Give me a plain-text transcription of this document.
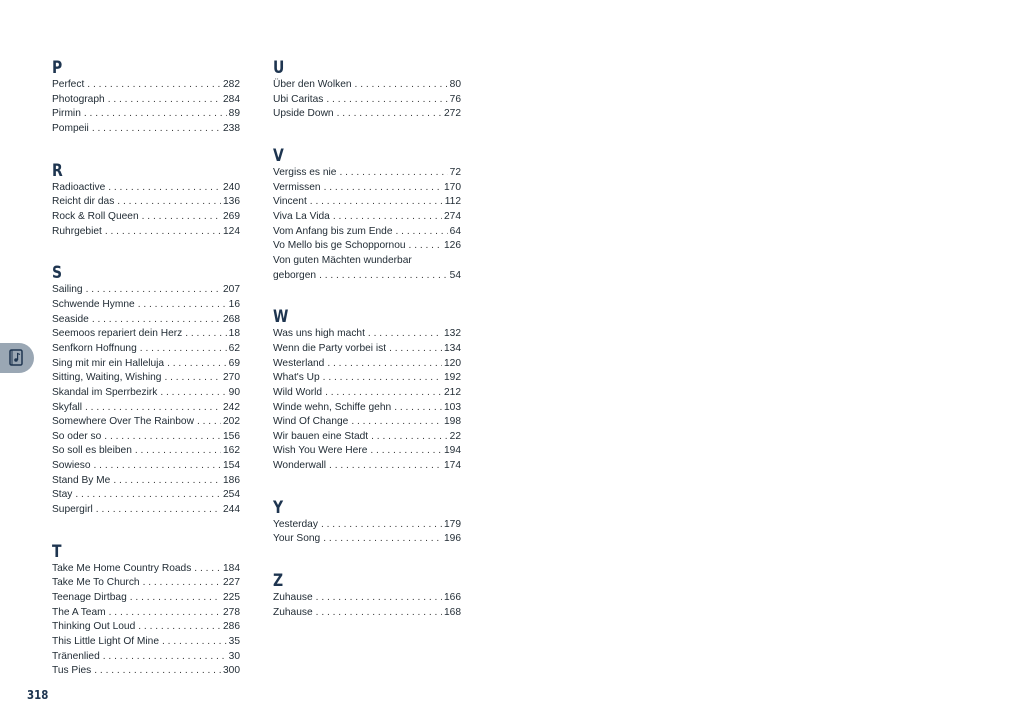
P
Perfect . . .	282
Photograph . . .	284
Pirmin . . .	89
Pompeii . . .	238
R
Radioactive . . .	240
Reicht dir das . . .	136
Rock & Roll Queen . . .	269
Ruhrgebiet . . .	124
S
Sailing . . .	207
Schwende Hymne . . .	16
Seaside . . .	268
Seemoos repariert dein Herz . . .	18
Senfkorn Hoffnung . . .	62
Sing mit mir ein Halleluja . . .	69
Sitting, Waiting, Wishing . . .	270
Skandal im Sperrbezirk . . .	90
Skyfall . . .	242
Somewhere Over The Rainbow . . .	202
So oder so . . .	156
So soll es bleiben . . .	162
Sowieso . . .	154
Stand By Me . . .	186
Stay . . .	254
Supergirl . . .	244
T
Take Me Home Country Roads . . .	184
Take Me To Church . . .	227
Teenage Dirtbag . . .	225
The A Team . . .	278
Thinking Out Loud . . .	286
This Little Light Of Mine . . .	35
Tränenlied . . .	30
Tus Pies . . .	300
U
Über den Wolken . . .	80
Ubi Caritas . . .	76
Upside Down . . .	272
V
Vergiss es nie . . .	72
Vermissen . . .	170
Vincent . . .	112
Viva La Vida . . .	274
Vom Anfang bis zum Ende . . .	64
Vo Mello bis ge Schoppornou . . .	126
Von guten Mächten wunderbar
geborgen . . .	54
W
Was uns high macht . . .	132
Wenn die Party vorbei ist . . .	134
Westerland . . .	120
What's Up . . .	192
Wild World . . .	212
Winde wehn, Schiffe gehn . . .	103
Wind Of Change . . .	198
Wir bauen eine Stadt . . .	22
Wish You Were Here . . .	194
Wonderwall . . .	174
Y
Yesterday . . .	179
Your Song . . .	196
Z
Zuhause . . .	166
Zuhause . . .	168
318
